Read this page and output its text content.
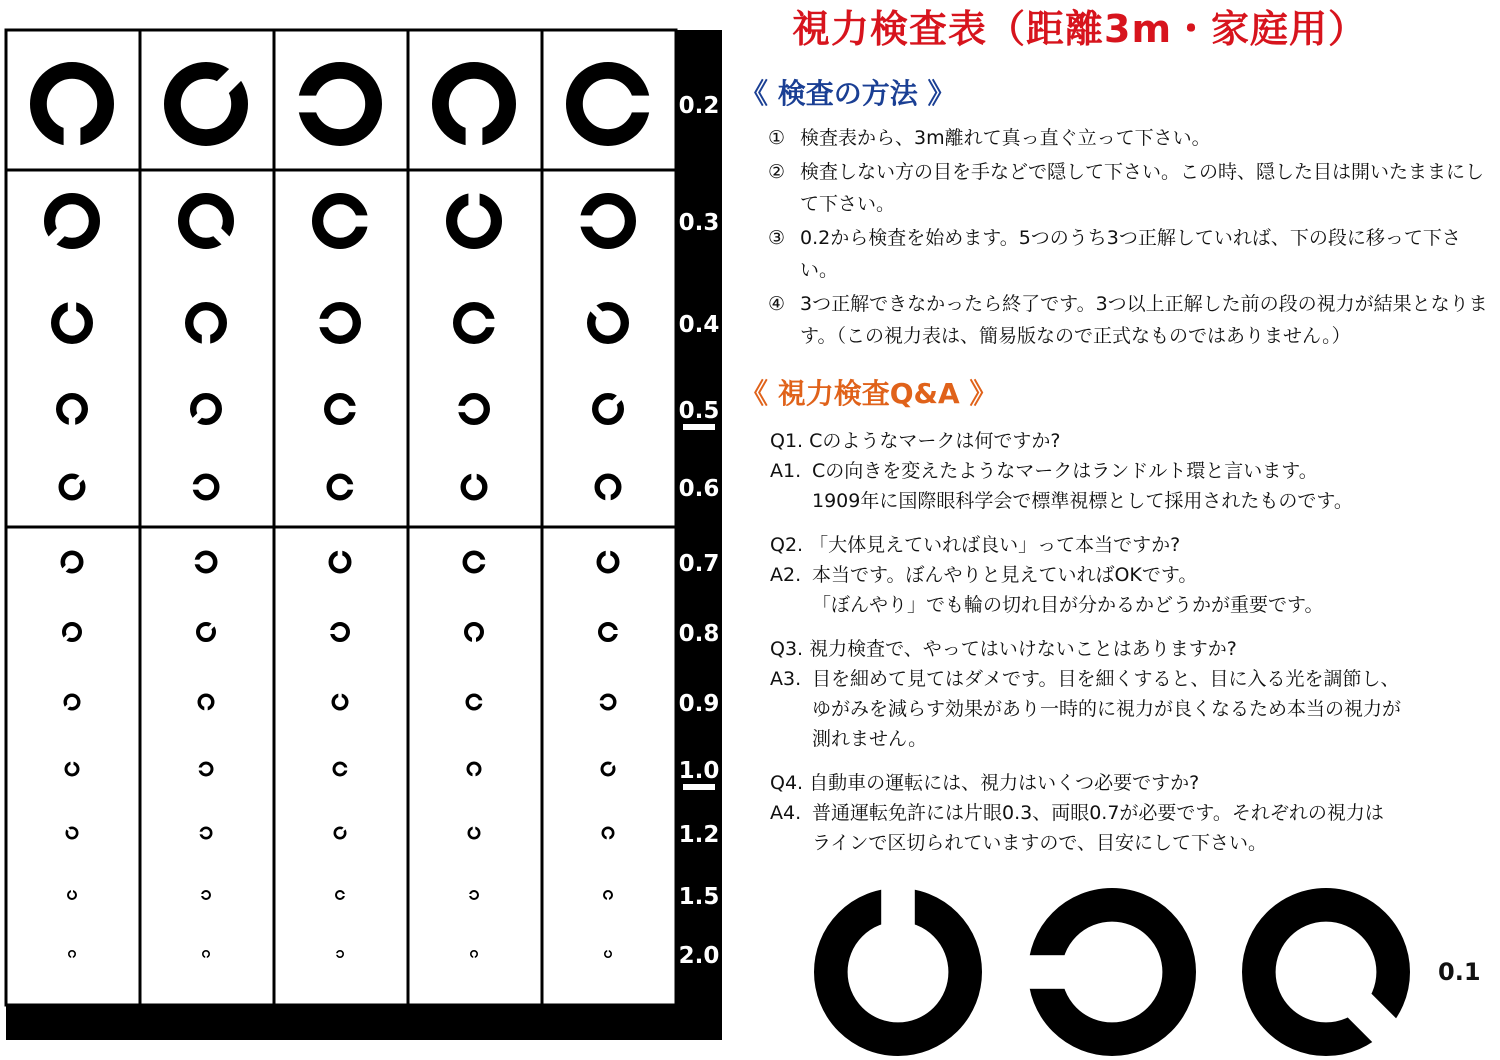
0.2
0.3
0.4
0.5
0.6
0.7
0.8
0.9
1.0
1.2
1.5
2.0
視力検査表（距離3m・家庭用）
《 検査の方法 》
① 検査表から、3m離れて真っ直ぐ立って下さい。
② 検査しない方の目を手などで隠して下さい。この時、隠した目は開いたままにして下さい。
③ 0.2から検査を始めます。5つのうち3つ正解していれば、下の段に移って下さい。
④ 3つ正解できなかったら終了です。3つ以上正解した前の段の視力が結果となります。（この視力表は、簡易版なので正式なものではありません。）
《 視力検査Q&A 》
Q1. Cのようなマークは何ですか?
A1. Cの向きを変えたようなマークはランドルト環と言います。
1909年に国際眼科学会で標準視標として採用されたものです。
Q2. 「大体見えていれば良い」って本当ですか?
A2. 本当です。ぼんやりと見えていればOKです。
「ぼんやり」でも輪の切れ目が分かるかどうかが重要です。
Q3. 視力検査で、やってはいけないことはありますか?
A3. 目を細めて見てはダメです。目を細くすると、目に入る光を調節し、
ゆがみを減らす効果があり一時的に視力が良くなるため本当の視力が
測れません。
Q4. 自動車の運転には、視力はいくつ必要ですか?
A4. 普通運転免許には片眼0.3、両眼0.7が必要です。それぞれの視力は
ラインで区切られていますので、目安にして下さい。
0.1
